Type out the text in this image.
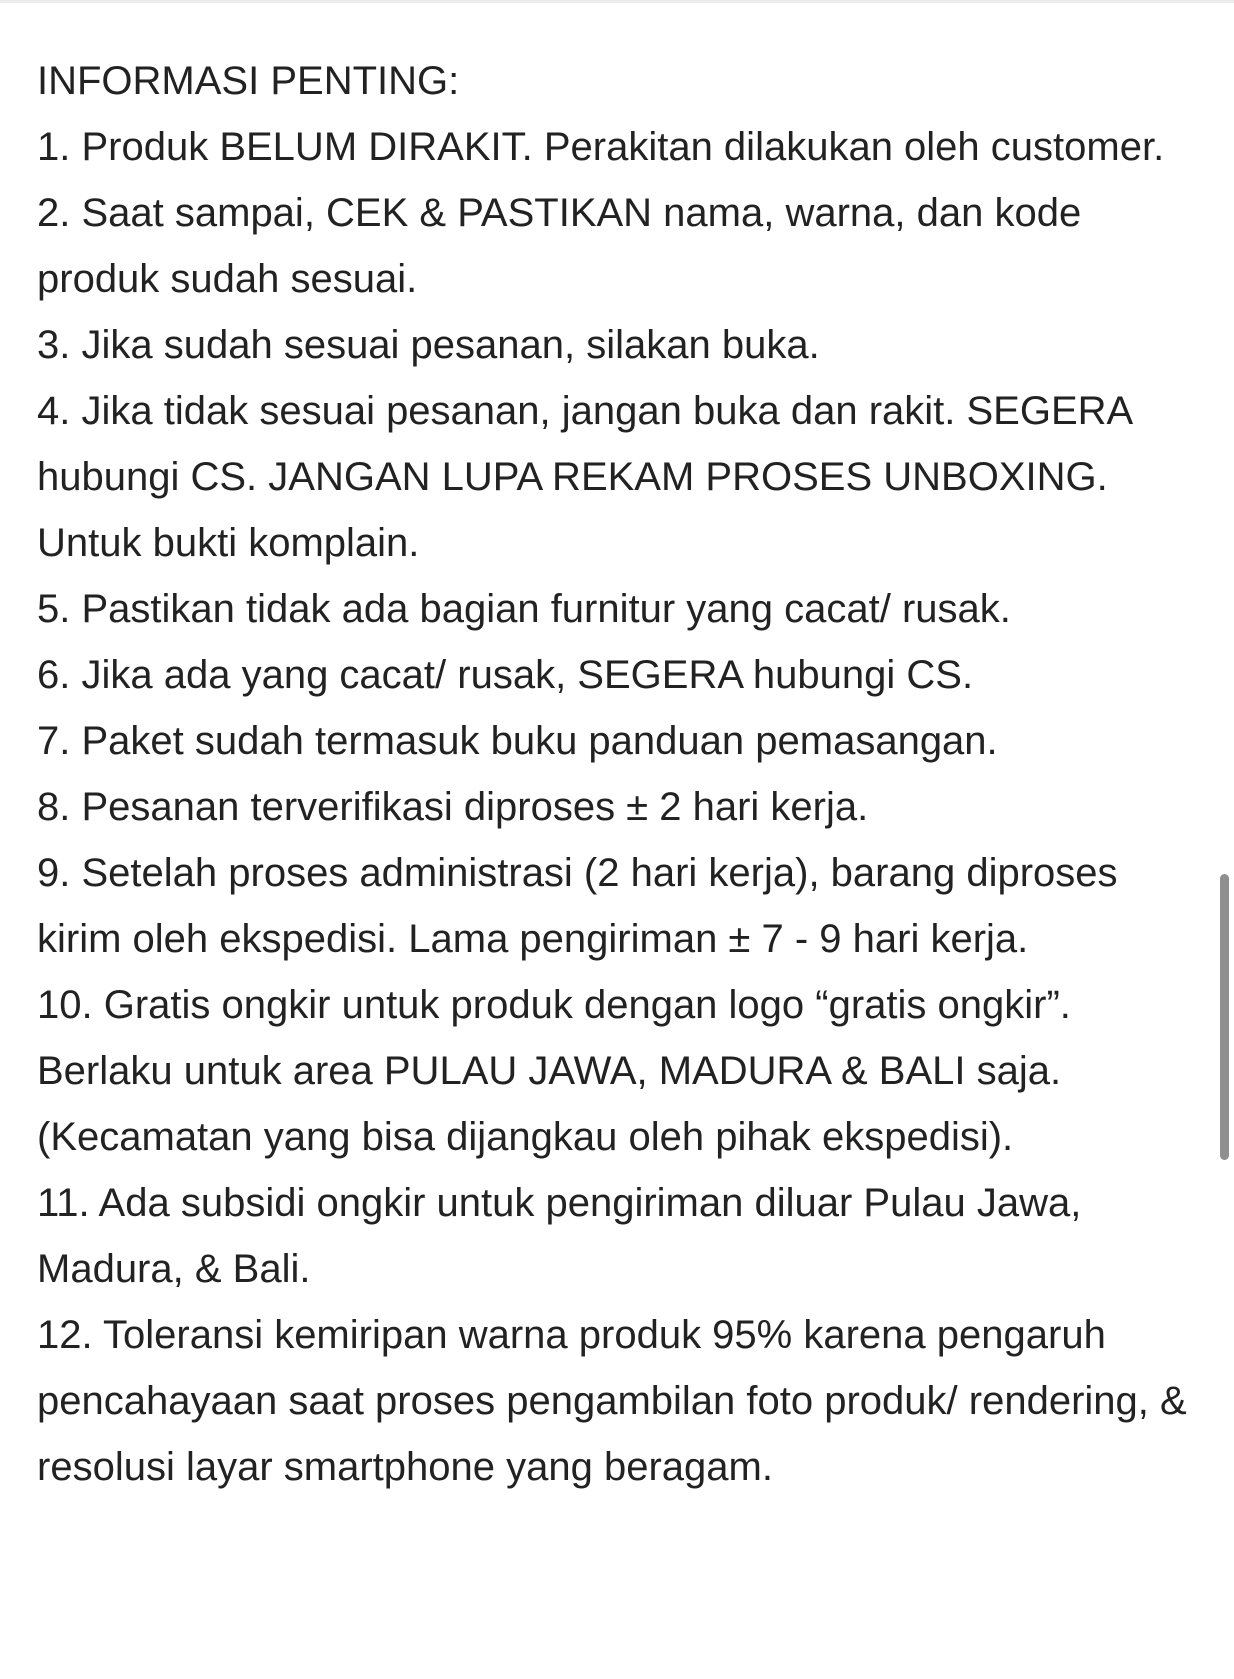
INFORMASI PENTING:

1. Produk BELUM DIRAKIT. Perakitan dilakukan oleh customer.

2. Saat sampai, CEK & PASTIKAN nama, warna, dan kode produk sudah sesuai.

3. Jika sudah sesuai pesanan, silakan buka.

4. Jika tidak sesuai pesanan, jangan buka dan rakit. SEGERA hubungi CS. JANGAN LUPA REKAM PROSES UNBOXING. Untuk bukti komplain.

5. Pastikan tidak ada bagian furnitur yang cacat/ rusak.

6. Jika ada yang cacat/ rusak, SEGERA hubungi CS.

7. Paket sudah termasuk buku panduan pemasangan.

8. Pesanan terverifikasi diproses ± 2 hari kerja.

9. Setelah proses administrasi (2 hari kerja), barang diproses kirim oleh ekspedisi. Lama pengiriman ± 7 - 9 hari kerja.

10. Gratis ongkir untuk produk dengan logo “gratis ongkir”. Berlaku untuk area PULAU JAWA, MADURA & BALI saja. (Kecamatan yang bisa dijangkau oleh pihak ekspedisi).

11. Ada subsidi ongkir untuk pengiriman diluar Pulau Jawa, Madura, & Bali.

12. Toleransi kemiripan warna produk 95% karena pengaruh pencahayaan saat proses pengambilan foto produk/ rendering, & resolusi layar smartphone yang beragam.
